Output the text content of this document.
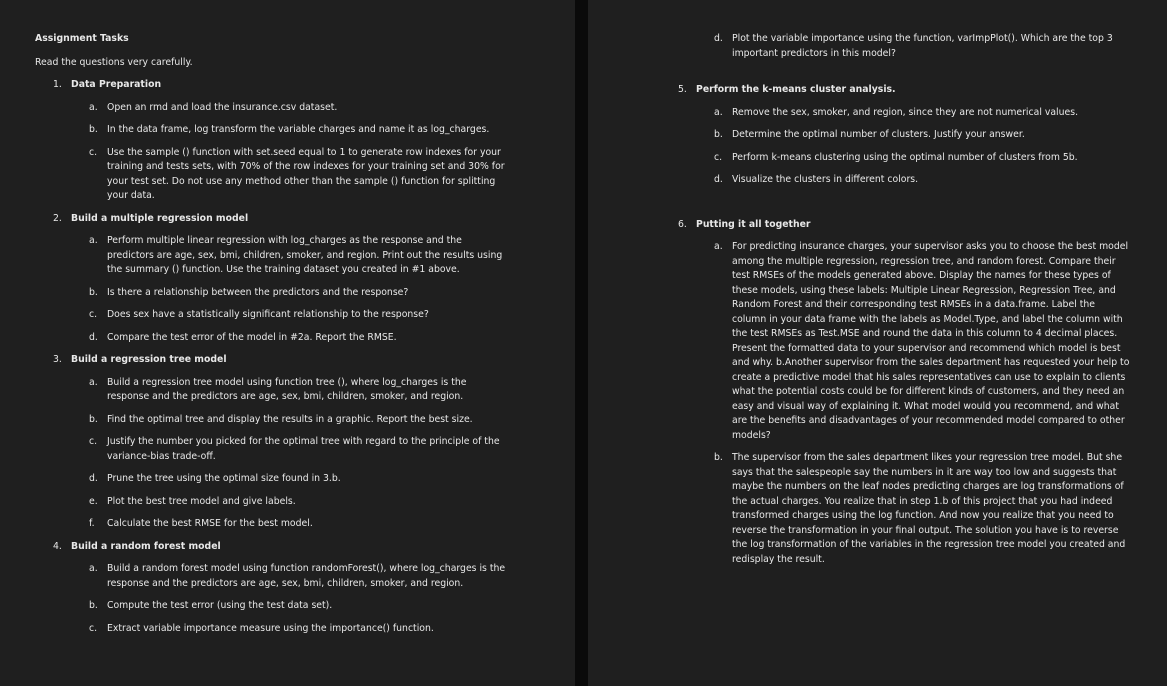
Assignment Tasks
Read the questions very carefully.
1. Data Preparation
a. Open an rmd and load the insurance.csv dataset.
b. In the data frame, log transform the variable charges and name it as log_charges.
c. Use the sample () function with set.seed equal to 1 to generate row indexes for your training and tests sets, with 70% of the row indexes for your training set and 30% for your test set. Do not use any method other than the sample () function for splitting your data.
2. Build a multiple regression model
a. Perform multiple linear regression with log_charges as the response and the predictors are age, sex, bmi, children, smoker, and region. Print out the results using the summary () function. Use the training dataset you created in #1 above.
b. Is there a relationship between the predictors and the response?
c. Does sex have a statistically significant relationship to the response?
d. Compare the test error of the model in #2a. Report the RMSE.
3. Build a regression tree model
a. Build a regression tree model using function tree (), where log_charges is the response and the predictors are age, sex, bmi, children, smoker, and region.
b. Find the optimal tree and display the results in a graphic. Report the best size.
c. Justify the number you picked for the optimal tree with regard to the principle of the variance-bias trade-off.
d. Prune the tree using the optimal size found in 3.b.
e. Plot the best tree model and give labels.
f. Calculate the best RMSE for the best model.
4. Build a random forest model
a. Build a random forest model using function randomForest(), where log_charges is the response and the predictors are age, sex, bmi, children, smoker, and region.
b. Compute the test error (using the test data set).
c. Extract variable importance measure using the importance() function.
d. Plot the variable importance using the function, varImpPlot(). Which are the top 3 important predictors in this model?
5. Perform the k-means cluster analysis.
a. Remove the sex, smoker, and region, since they are not numerical values.
b. Determine the optimal number of clusters. Justify your answer.
c. Perform k-means clustering using the optimal number of clusters from 5b.
d. Visualize the clusters in different colors.
6. Putting it all together
a. For predicting insurance charges, your supervisor asks you to choose the best model among the multiple regression, regression tree, and random forest. Compare their test RMSEs of the models generated above. Display the names for these types of these models, using these labels: Multiple Linear Regression, Regression Tree, and Random Forest and their corresponding test RMSEs in a data.frame. Label the column in your data frame with the labels as Model.Type, and label the column with the test RMSEs as Test.MSE and round the data in this column to 4 decimal places. Present the formatted data to your supervisor and recommend which model is best and why. b.Another supervisor from the sales department has requested your help to create a predictive model that his sales representatives can use to explain to clients what the potential costs could be for different kinds of customers, and they need an easy and visual way of explaining it. What model would you recommend, and what are the benefits and disadvantages of your recommended model compared to other models?
b. The supervisor from the sales department likes your regression tree model. But she says that the salespeople say the numbers in it are way too low and suggests that maybe the numbers on the leaf nodes predicting charges are log transformations of the actual charges. You realize that in step 1.b of this project that you had indeed transformed charges using the log function. And now you realize that you need to reverse the transformation in your final output. The solution you have is to reverse the log transformation of the variables in the regression tree model you created and redisplay the result.
